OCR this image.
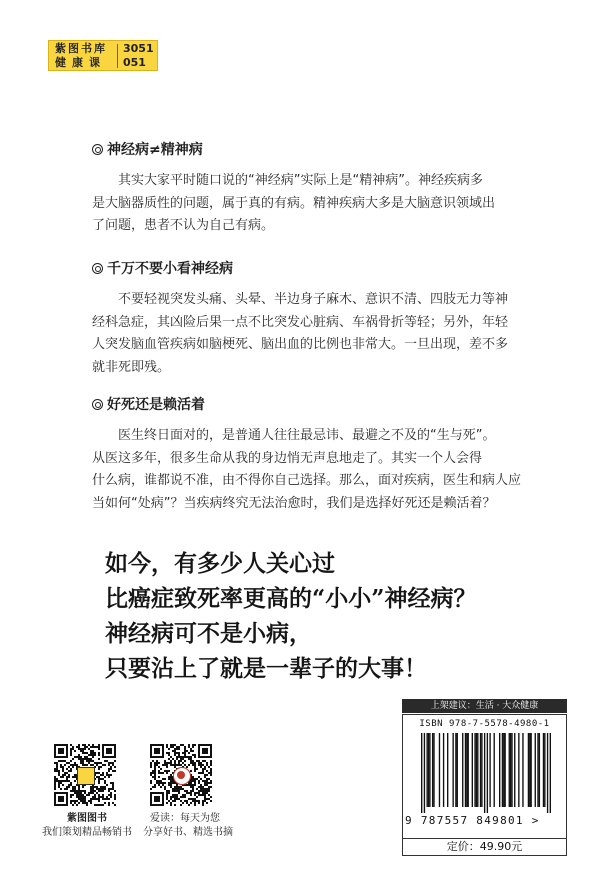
紫图书库
健康课
3051
051
神经病≠精神病
其实大家平时随口说的“神经病”实际上是“精神病”。神经疾病多
是大脑器质性的问题，属于真的有病。精神疾病大多是大脑意识领域出
了问题，患者不认为自己有病。
千万不要小看神经病
不要轻视突发头痛、头晕、半边身子麻木、意识不清、四肢无力等神
经科急症，其凶险后果一点不比突发心脏病、车祸骨折等轻；另外，年轻
人突发脑血管疾病如脑梗死、脑出血的比例也非常大。一旦出现，差不多
就非死即残。
好死还是赖活着
医生终日面对的，是普通人往往最忌讳、最避之不及的“生与死”。
从医这多年，很多生命从我的身边悄无声息地走了。其实一个人会得
什么病，谁都说不准，由不得你自己选择。那么，面对疾病，医生和病人应
当如何“处病”？当疾病终究无法治愈时，我们是选择好死还是赖活着？
如今，有多少人关心过
比癌症致死率更高的“小小”神经病？
神经病可不是小病，
只要沾上了就是一辈子的大事！
紫图图书
我们策划精品畅销书
爱读：每天为您
分享好书、精选书摘
上架建议：生活 · 大众健康
ISBN 978-7-5578-4980-1
9 787557 849801 >
定价：49.90元
